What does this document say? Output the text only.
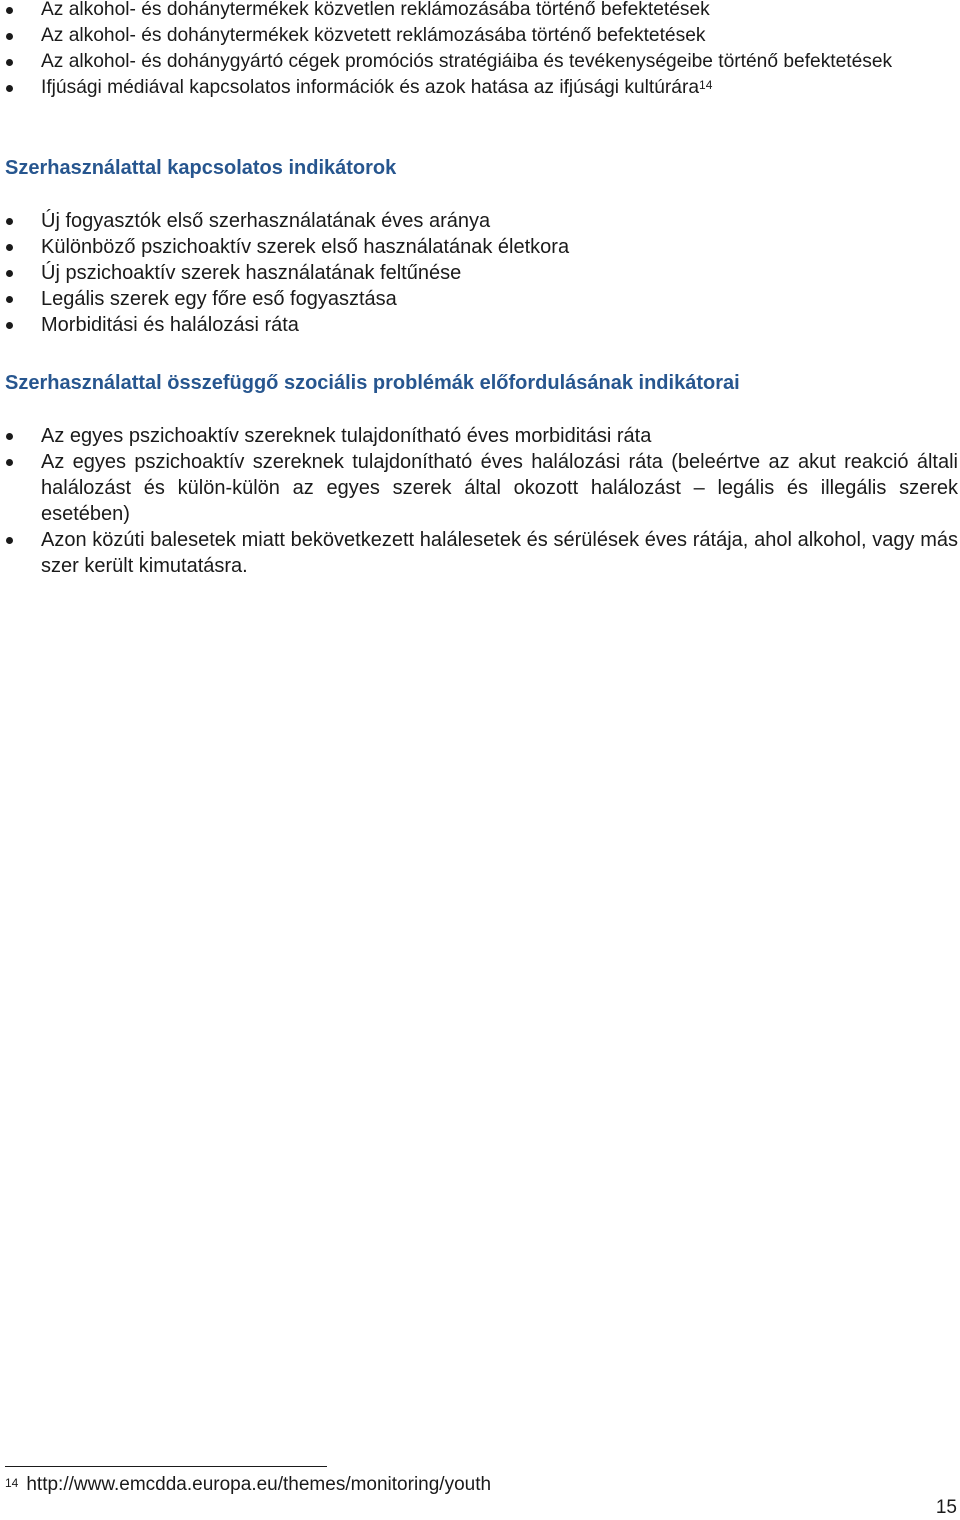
Az alkohol- és dohánytermékek közvetlen reklámozásába történő befektetések
Az alkohol- és dohánytermékek közvetett reklámozásába történő befektetések
Az alkohol- és dohánygyártó cégek promóciós stratégiáiba és tevékenységeibe történő befektetések
Ifjúsági médiával kapcsolatos információk és azok hatása az ifjúsági kultúrára$^{14}$
Szerhasználattal kapcsolatos indikátorok
Új fogyasztók első szerhasználatának éves aránya
Különböző pszichoaktív szerek első használatának életkora
Új pszichoaktív szerek használatának feltűnése
Legális szerek egy főre eső fogyasztása
Morbiditási és halálozási ráta
Szerhasználattal összefüggő szociális problémák előfordulásának indikátorai
Az egyes pszichoaktív szereknek tulajdonítható éves morbiditási ráta
Az egyes pszichoaktív szereknek tulajdonítható éves halálozási ráta (beleértve az akut reakció általi halálozást és külön-külön az egyes szerek által okozott halálozást – legális és illegális szerek esetében)
Azon közúti balesetek miatt bekövetkezett halálesetek és sérülések éves rátája, ahol alkohol, vagy más szer került kimutatásra.
$^{14}$ http://www.emcdda.europa.eu/themes/monitoring/youth
15
